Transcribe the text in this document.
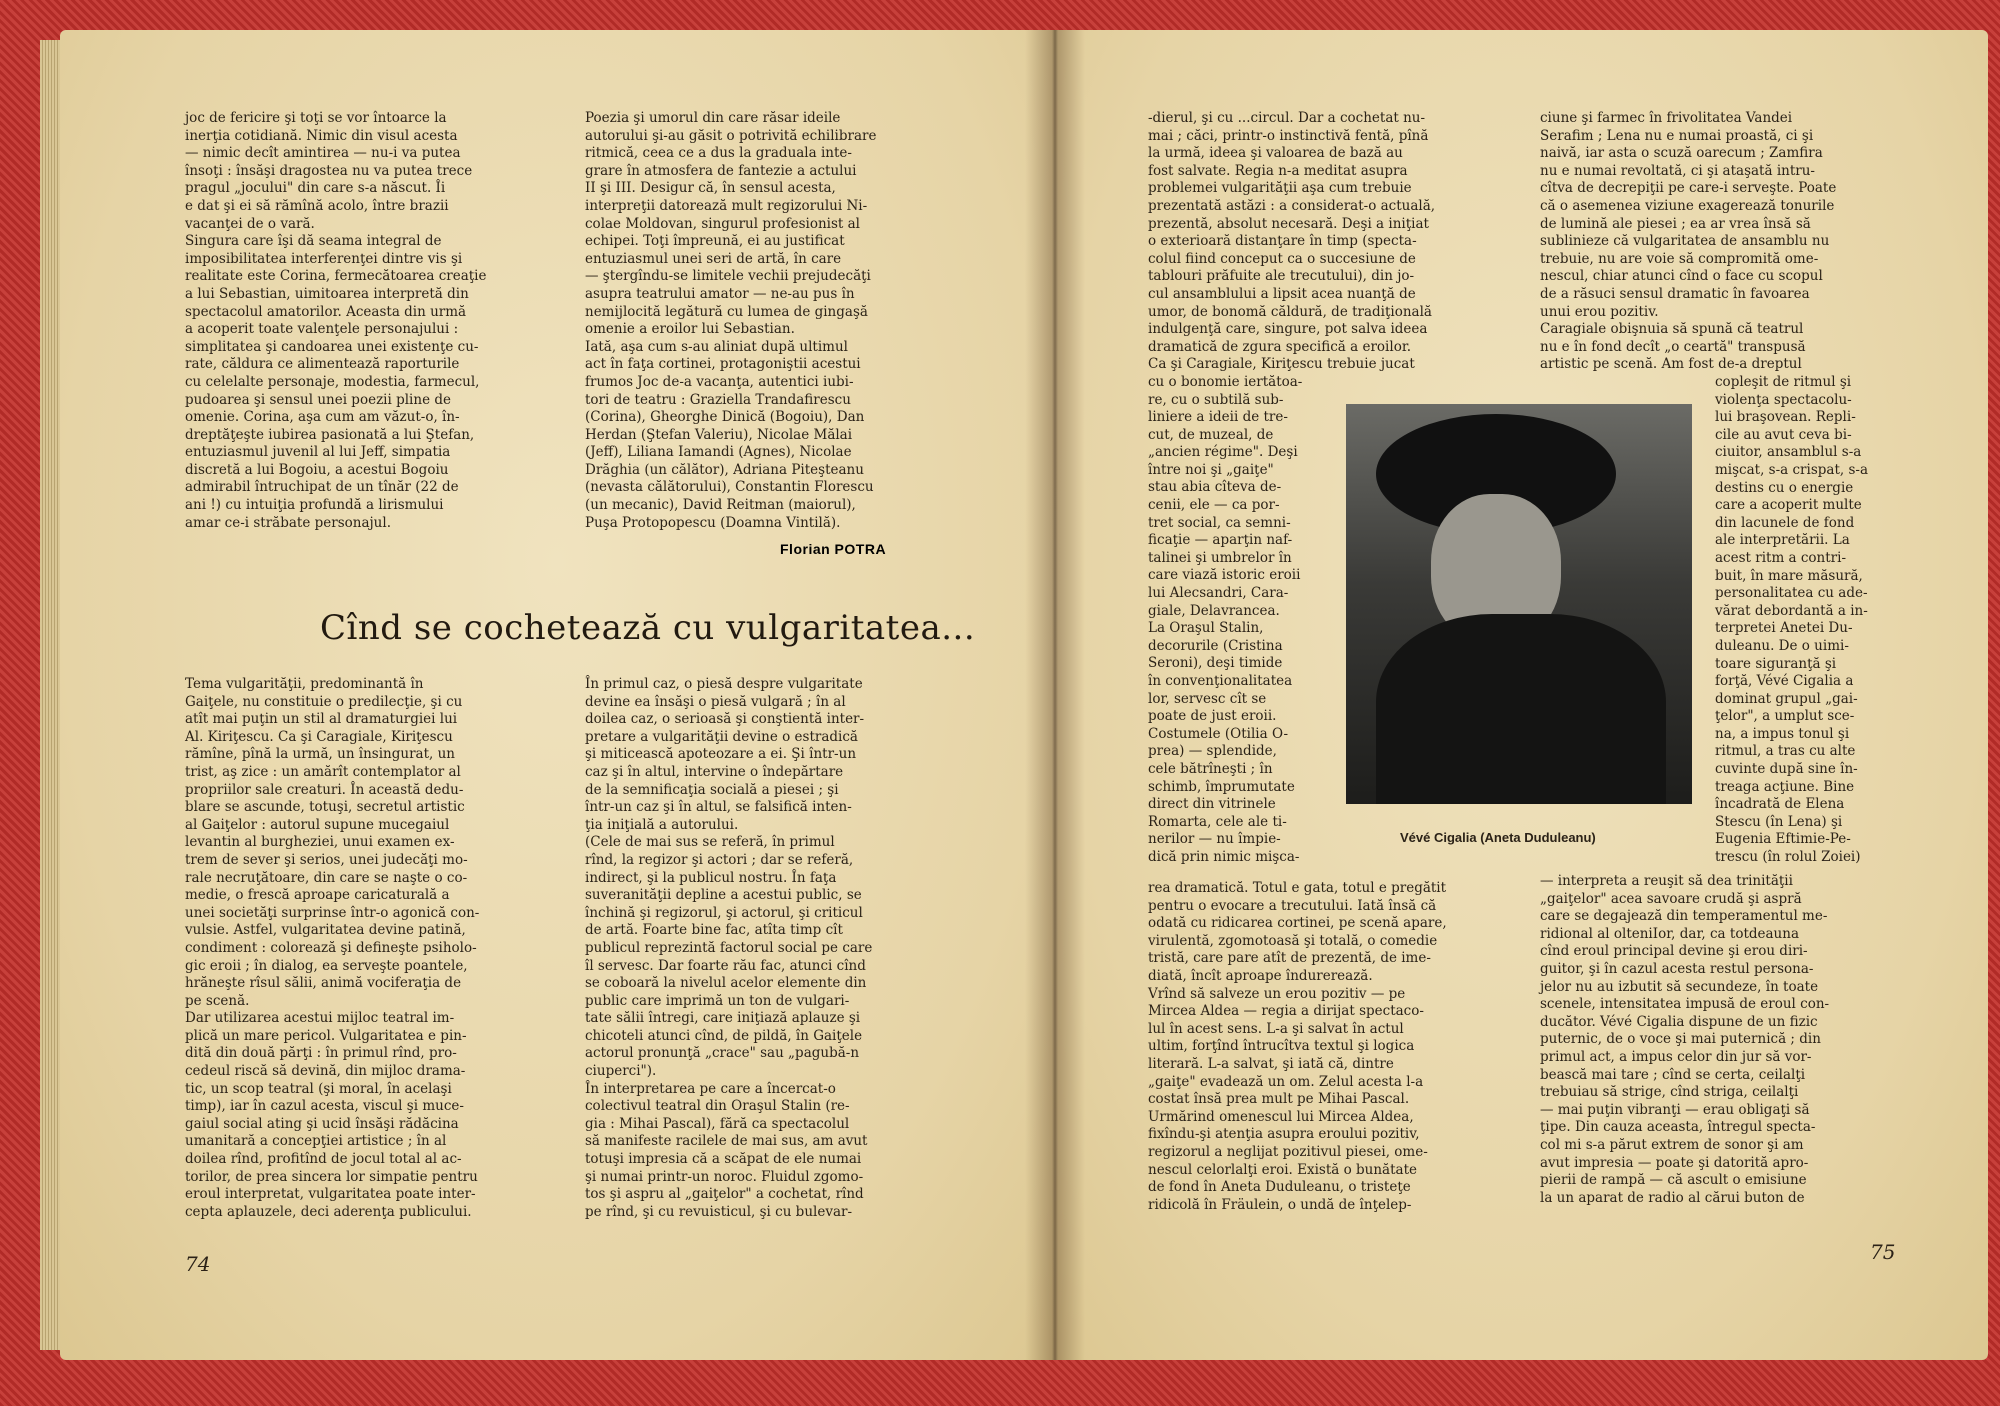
joc de fericire şi toţi se vor întoarce la
inerţia cotidiană. Nimic din visul acesta
— nimic decît amintirea — nu-i va putea
însoţi : însăşi dragostea nu va putea trece
pragul „jocului" din care s-a născut. Îi
e dat şi ei să rămînă acolo, între brazii
vacanţei de o vară.
Singura care îşi dă seama integral de
imposibilitatea interferenţei dintre vis şi
realitate este Corina, fermecătoarea creaţie
a lui Sebastian, uimitoarea interpretă din
spectacolul amatorilor. Aceasta din urmă
a acoperit toate valenţele personajului :
simplitatea şi candoarea unei existenţe cu-
rate, căldura ce alimentează raporturile
cu celelalte personaje, modestia, farmecul,
pudoarea şi sensul unei poezii pline de
omenie. Corina, aşa cum am văzut-o, în-
dreptăţeşte iubirea pasionată a lui Ştefan,
entuziasmul juvenil al lui Jeff, simpatia
discretă a lui Bogoiu, a acestui Bogoiu
admirabil întruchipat de un tînăr (22 de
ani !) cu intuiţia profundă a lirismului
amar ce-i străbate personajul.
Poezia şi umorul din care răsar ideile
autorului şi-au găsit o potrivită echilibrare
ritmică, ceea ce a dus la graduala inte-
grare în atmosfera de fantezie a actului
II şi III. Desigur că, în sensul acesta,
interpreţii datorează mult regizorului Ni-
colae Moldovan, singurul profesionist al
echipei. Toţi împreună, ei au justificat
entuziasmul unei seri de artă, în care
— ştergîndu-se limitele vechii prejudecăţi
asupra teatrului amator — ne-au pus în
nemijlocită legătură cu lumea de gingaşă
omenie a eroilor lui Sebastian.
Iată, aşa cum s-au aliniat după ultimul
act în faţa cortinei, protagoniştii acestui
frumos Joc de-a vacanţa, autentici iubi-
tori de teatru : Graziella Trandafirescu
(Corina), Gheorghe Dinică (Bogoiu), Dan
Herdan (Ştefan Valeriu), Nicolae Mălai
(Jeff), Liliana Iamandi (Agnes), Nicolae
Drăghia (un călător), Adriana Piteşteanu
(nevasta călătorului), Constantin Florescu
(un mecanic), David Reitman (maiorul),
Puşa Protopopescu (Doamna Vintilă).
Florian POTRA
Cînd se cochetează cu vulgaritatea...
Tema vulgarităţii, predominantă în
Gaiţele, nu constituie o predilecţie, şi cu
atît mai puţin un stil al dramaturgiei lui
Al. Kiriţescu. Ca şi Caragiale, Kiriţescu
rămîne, pînă la urmă, un însingurat, un
trist, aş zice : un amărît contemplator al
propriilor sale creaturi. În această dedu-
blare se ascunde, totuşi, secretul artistic
al Gaiţelor : autorul supune mucegaiul
levantin al burgheziei, unui examen ex-
trem de sever şi serios, unei judecăţi mo-
rale necruţătoare, din care se naşte o co-
medie, o frescă aproape caricaturală a
unei societăţi surprinse într-o agonică con-
vulsie. Astfel, vulgaritatea devine patină,
condiment : colorează şi defineşte psiholo-
gic eroii ; în dialog, ea serveşte poantele,
hrăneşte rîsul sălii, animă vociferaţia de
pe scenă.
Dar utilizarea acestui mijloc teatral im-
plică un mare pericol. Vulgaritatea e pin-
dită din două părţi : în primul rînd, pro-
cedeul riscă să devină, din mijloc drama-
tic, un scop teatral (şi moral, în acelaşi
timp), iar în cazul acesta, viscul şi muce-
gaiul social ating şi ucid însăşi rădăcina
umanitară a concepţiei artistice ; în al
doilea rînd, profitînd de jocul total al ac-
torilor, de prea sincera lor simpatie pentru
eroul interpretat, vulgaritatea poate inter-
cepta aplauzele, deci aderenţa publicului.
În primul caz, o piesă despre vulgaritate
devine ea însăşi o piesă vulgară ; în al
doilea caz, o serioasă şi conştientă inter-
pretare a vulgarităţii devine o estradică
şi miticească apoteozare a ei. Şi într-un
caz şi în altul, intervine o îndepărtare
de la semnificaţia socială a piesei ; şi
într-un caz şi în altul, se falsifică inten-
ţia iniţială a autorului.
(Cele de mai sus se referă, în primul
rînd, la regizor şi actori ; dar se referă,
indirect, şi la publicul nostru. În faţa
suveranităţii depline a acestui public, se
închină şi regizorul, şi actorul, şi criticul
de artă. Foarte bine fac, atîta timp cît
publicul reprezintă factorul social pe care
îl servesc. Dar foarte rău fac, atunci cînd
se coboară la nivelul acelor elemente din
public care imprimă un ton de vulgari-
tate sălii întregi, care iniţiază aplauze şi
chicoteli atunci cînd, de pildă, în Gaiţele
actorul pronunţă „crace" sau „pagubă-n
ciuperci").
În interpretarea pe care a încercat-o
colectivul teatral din Oraşul Stalin (re-
gia : Mihai Pascal), fără ca spectacolul
să manifeste racilele de mai sus, am avut
totuşi impresia că a scăpat de ele numai
şi numai printr-un noroc. Fluidul zgomo-
tos şi aspru al „gaiţelor" a cochetat, rînd
pe rînd, şi cu revuisticul, şi cu bulevar-
74
-dierul, şi cu ...circul. Dar a cochetat nu-
mai ; căci, printr-o instinctivă fentă, pînă
la urmă, ideea şi valoarea de bază au
fost salvate. Regia n-a meditat asupra
problemei vulgarităţii aşa cum trebuie
prezentată astăzi : a considerat-o actuală,
prezentă, absolut necesară. Deşi a iniţiat
o exterioară distanţare în timp (specta-
colul fiind conceput ca o succesiune de
tablouri prăfuite ale trecutului), din jo-
cul ansamblului a lipsit acea nuanţă de
umor, de bonomă căldură, de tradiţională
indulgenţă care, singure, pot salva ideea
dramatică de zgura specifică a eroilor.
Ca şi Caragiale, Kiriţescu trebuie jucat
cu o bonomie iertătoa-
re, cu o subtilă sub-
liniere a ideii de tre-
cut, de muzeal, de
„ancien régime". Deşi
între noi şi „gaiţe"
stau abia cîteva de-
cenii, ele — ca por-
tret social, ca semni-
ficaţie — aparţin naf-
talinei şi umbrelor în
care viază istoric eroii
lui Alecsandri, Cara-
giale, Delavrancea.
La Oraşul Stalin,
decorurile (Cristina
Seroni), deşi timide
în convenţionalitatea
lor, servesc cît se
poate de just eroii.
Costumele (Otilia O-
prea) — splendide,
cele bătrîneşti ; în
schimb, împrumutate
direct din vitrinele
Romarta, cele ale ti-
nerilor — nu împie-
dică prin nimic mişca-
rea dramatică. Totul e gata, totul e pregătit
pentru o evocare a trecutului. Iată însă că
odată cu ridicarea cortinei, pe scenă apare,
virulentă, zgomotoasă şi totală, o comedie
tristă, care pare atît de prezentă, de ime-
diată, încît aproape îndurerează.
Vrînd să salveze un erou pozitiv — pe
Mircea Aldea — regia a dirijat spectaco-
lul în acest sens. L-a şi salvat în actul
ultim, forţînd întrucîtva textul şi logica
literară. L-a salvat, şi iată că, dintre
„gaiţe" evadează un om. Zelul acesta l-a
costat însă prea mult pe Mihai Pascal.
Urmărind omenescul lui Mircea Aldea,
fixîndu-şi atenţia asupra eroului pozitiv,
regizorul a neglijat pozitivul piesei, ome-
nescul celorlalţi eroi. Există o bunătate
de fond în Aneta Duduleanu, o tristeţe
ridicolă în Fräulein, o undă de înţelep-
ciune şi farmec în frivolitatea Vandei
Serafim ; Lena nu e numai proastă, ci şi
naivă, iar asta o scuză oarecum ; Zamfira
nu e numai revoltată, ci şi ataşată intru-
cîtva de decrepiţii pe care-i serveşte. Poate
că o asemenea viziune exagerează tonurile
de lumină ale piesei ; ea ar vrea însă să
sublinieze că vulgaritatea de ansamblu nu
trebuie, nu are voie să compromită ome-
nescul, chiar atunci cînd o face cu scopul
de a răsuci sensul dramatic în favoarea
unui erou pozitiv.
Caragiale obişnuia să spună că teatrul
nu e în fond decît „o ceartă" transpusă
artistic pe scenă. Am fost de-a dreptul
Vévé Cigalia (Aneta Duduleanu)
copleşit de ritmul şi
violenţa spectacolu-
lui braşovean. Repli-
cile au avut ceva bi-
ciuitor, ansamblul s-a
mişcat, s-a crispat, s-a
destins cu o energie
care a acoperit multe
din lacunele de fond
ale interpretării. La
acest ritm a contri-
buit, în mare măsură,
personalitatea cu ade-
vărat debordantă a in-
terpretei Anetei Du-
duleanu. De o uimi-
toare siguranţă şi
forţă, Vévé Cigalia a
dominat grupul „gai-
ţelor", a umplut sce-
na, a impus tonul şi
ritmul, a tras cu alte
cuvinte după sine în-
treaga acţiune. Bine
încadrată de Elena
Stescu (în Lena) şi
Eugenia Eftimie-Pe-
trescu (în rolul Zoiei)
— interpreta a reuşit să dea trinităţii
„gaiţelor" acea savoare crudă şi aspră
care se degajează din temperamentul me-
ridional al olteniIor, dar, ca totdeauna
cînd eroul principal devine şi erou diri-
guitor, şi în cazul acesta restul persona-
jelor nu au izbutit să secundeze, în toate
scenele, intensitatea impusă de eroul con-
ducător. Vévé Cigalia dispune de un fizic
puternic, de o voce şi mai puternică ; din
primul act, a impus celor din jur să vor-
bească mai tare ; cînd se certa, ceilalţi
trebuiau să strige, cînd striga, ceilalţi
— mai puţin vibranţi — erau obligaţi să
ţipe. Din cauza aceasta, întregul specta-
col mi s-a părut extrem de sonor şi am
avut impresia — poate şi datorită apro-
pierii de rampă — că ascult o emisiune
la un aparat de radio al cărui buton de
75
